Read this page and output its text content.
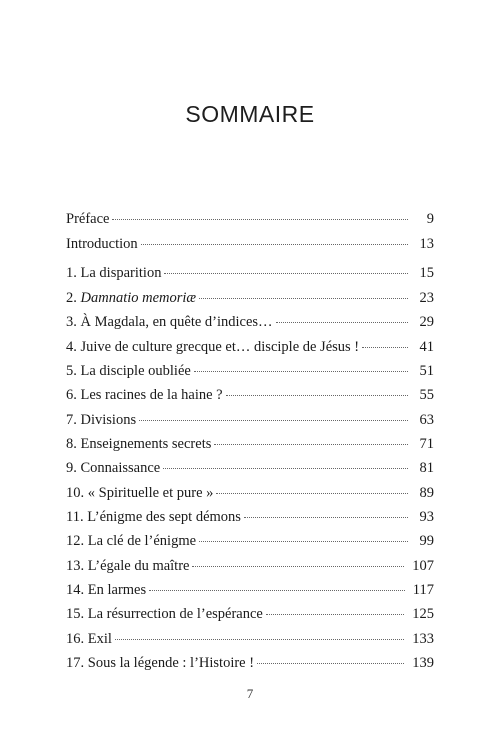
SOMMAIRE
Préface	9
Introduction	13
1. La disparition	15
2. Damnatio memoriæ	23
3. À Magdala, en quête d’indices…	29
4. Juive de culture grecque et… disciple de Jésus !	41
5. La disciple oubliée	51
6. Les racines de la haine ?	55
7. Divisions	63
8. Enseignements secrets	71
9. Connaissance	81
10. « Spirituelle et pure »	89
11. L’énigme des sept démons	93
12. La clé de l’énigme	99
13. L’égale du maître	107
14. En larmes	117
15. La résurrection de l’espérance	125
16. Exil	133
17. Sous la légende : l’Histoire !	139
7
